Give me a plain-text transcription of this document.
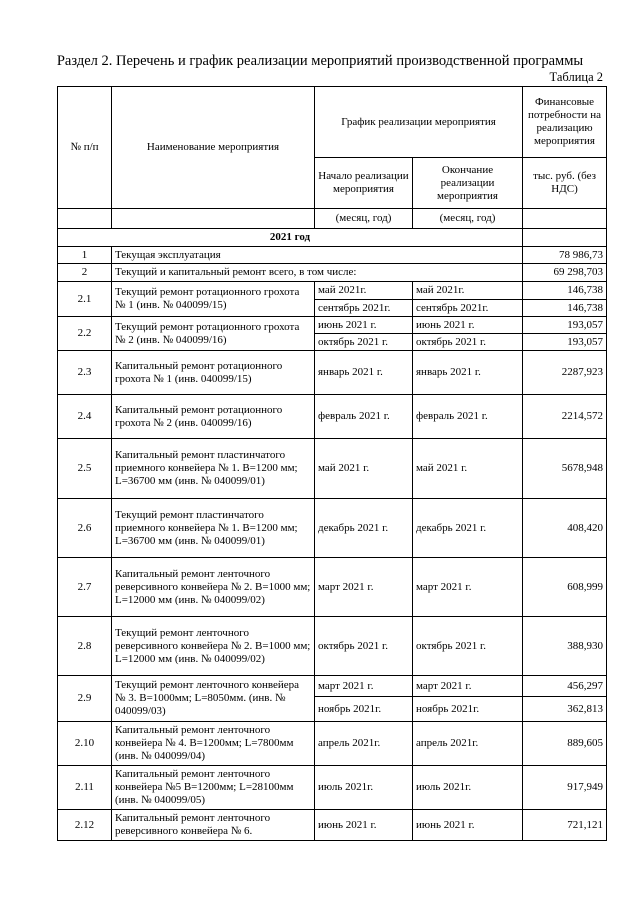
Раздел 2. Перечень и график реализации мероприятий производственной программы
Таблица 2
№ п/п	Наименование мероприятия	График реализации мероприятия		Финансовые потребности на реализацию мероприятия
		Начало реализации мероприятия	Окончание реализации мероприятия	тыс. руб. (без НДС)
		(месяц, год)	(месяц, год)	
2021 год				
1	Текущая эксплуатация			78 986,73
2	Текущий и капитальный ремонт всего, в том числе:			69 298,703
2.1	Текущий ремонт ротационного грохота № 1 (инв. № 040099/15)	май 2021г.	май 2021г.	146,738
		сентябрь 2021г.	сентябрь 2021г.	146,738
2.2	Текущий ремонт ротационного грохота № 2 (инв. № 040099/16)	июнь 2021 г.	июнь 2021 г.	193,057
		октябрь 2021 г.	октябрь 2021 г.	193,057
2.3	Капитальный ремонт ротационного грохота № 1 (инв. 040099/15)	январь 2021 г.	январь 2021 г.	2287,923
2.4	Капитальный ремонт ротационного грохота № 2 (инв. 040099/16)	февраль 2021 г.	февраль 2021 г.	2214,572
2.5	Капитальный ремонт пластинчатого приемного конвейера № 1. В=1200 мм; L=36700 мм (инв. № 040099/01)	май 2021 г.	май 2021 г.	5678,948
2.6	Текущий ремонт пластинчатого приемного конвейера № 1. В=1200 мм; L=36700 мм (инв. № 040099/01)	декабрь 2021 г.	декабрь 2021 г.	408,420
2.7	Капитальный ремонт ленточного реверсивного конвейера № 2. В=1000 мм; L=12000 мм (инв. № 040099/02)	март 2021 г.	март 2021 г.	608,999
2.8	Текущий ремонт ленточного реверсивного конвейера № 2. В=1000 мм; L=12000 мм (инв. № 040099/02)	октябрь 2021 г.	октябрь 2021 г.	388,930
2.9	Текущий ремонт ленточного конвейера № 3. В=1000мм; L=8050мм. (инв. № 040099/03)	март 2021 г.	март 2021 г.	456,297
		ноябрь 2021г.	ноябрь 2021г.	362,813
2.10	Капитальный ремонт ленточного конвейера № 4. В=1200мм; L=7800мм (инв. № 040099/04)	апрель 2021г.	апрель 2021г.	889,605
2.11	Капитальный ремонт ленточного конвейера №5 В=1200мм; L=28100мм (инв. № 040099/05)	июль 2021г.	июль 2021г.	917,949
2.12	Капитальный ремонт ленточного реверсивного конвейера № 6.	июнь 2021 г.	июнь 2021 г.	721,121
